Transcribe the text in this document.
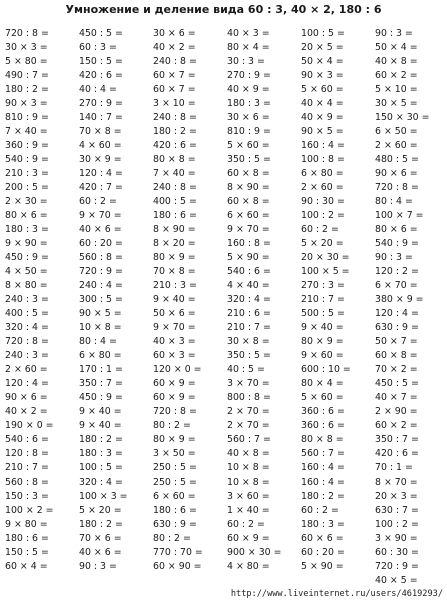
Умножение и деление вида 60 : 3, 40 × 2, 180 : 6
720 : 8 =
30 × 3 =
5 × 80 =
490 : 7 =
180 : 2 =
90 × 3 =
810 : 9 =
7 × 40 =
360 : 9 =
540 : 9 =
210 : 3 =
200 : 5 =
2 × 30 =
80 × 6 =
180 : 3 =
9 × 90 =
450 : 9 =
4 × 50 =
8 × 80 =
240 : 3 =
400 : 5 =
320 : 4 =
720 : 8 =
240 : 3 =
2 × 60 =
120 : 4 =
90 × 6 =
40 × 2 =
190 × 0 =
540 : 6 =
120 : 8 =
210 : 7 =
560 : 8 =
150 : 3 =
100 × 2 =
9 × 80 =
180 : 6 =
150 : 5 =
60 × 4 =
450 : 5 =
60 : 3 =
150 : 5 =
420 : 6 =
40 : 4 =
270 : 9 =
140 : 7 =
70 × 8 =
4 × 60 =
30 × 9 =
120 : 4 =
420 : 7 =
60 : 2 =
9 × 70 =
40 × 6 =
60 : 20 =
560 : 8 =
720 : 9 =
240 : 4 =
300 : 5 =
90 × 5 =
10 × 8 =
80 : 4 =
6 × 80 =
170 : 1 =
350 : 7 =
450 : 9 =
9 × 40 =
9 × 40 =
180 : 2 =
180 : 3 =
100 : 5 =
320 : 4 =
100 × 3 =
5 × 20 =
180 : 2 =
70 × 6 =
40 × 6 =
90 : 3 =
30 × 6 =
40 × 2 =
240 : 8 =
60 × 7 =
60 × 7 =
3 × 10 =
240 : 8 =
180 : 2 =
420 : 6 =
80 × 8 =
7 × 40 =
240 : 8 =
400 : 5 =
180 : 6 =
8 × 90 =
8 × 20 =
80 × 9 =
70 × 8 =
210 : 3 =
9 × 40 =
50 × 6 =
9 × 70 =
40 × 3 =
60 × 3 =
120 × 0 =
60 × 9 =
60 × 9 =
720 : 8 =
80 : 2 =
80 × 9 =
3 × 50 =
250 : 5 =
250 : 5 =
6 × 60 =
180 : 6 =
630 : 9 =
80 : 2 =
770 : 70 =
60 × 90 =
40 × 3 =
80 × 4 =
30 : 3 =
270 : 9 =
40 × 9 =
180 : 3 =
30 × 6 =
810 : 9 =
5 × 60 =
350 : 5 =
60 × 8 =
8 × 90 =
60 × 8 =
6 × 60 =
9 × 70 =
160 : 8 =
5 × 90 =
540 : 6 =
4 × 40 =
320 : 4 =
210 : 6 =
210 : 7 =
30 × 8 =
350 : 5 =
40 : 5 =
3 × 70 =
800 : 8 =
2 × 70 =
2 × 70 =
560 : 7 =
40 × 8 =
10 × 8 =
10 × 8 =
3 × 60 =
1 × 40 =
60 : 2 =
60 × 9 =
900 × 30 =
4 × 80 =
100 : 5 =
20 × 5 =
50 × 4 =
90 × 3 =
5 × 60 =
40 × 4 =
40 × 9 =
90 × 5 =
160 : 4 =
100 : 8 =
6 × 80 =
2 × 60 =
90 : 30 =
100 : 2 =
60 : 2 =
5 × 20 =
20 × 30 =
100 × 5 =
270 : 3 =
210 : 7 =
500 : 5 =
9 × 40 =
80 × 9 =
9 × 60 =
600 : 10 =
80 × 4 =
5 × 60 =
360 : 6 =
360 : 6 =
80 × 8 =
560 : 7 =
160 : 4 =
160 : 4 =
180 : 2 =
60 : 2 =
180 : 3 =
60 × 6 =
60 : 20 =
5 × 90 =
90 : 3 =
50 × 4 =
40 × 8 =
60 × 2 =
5 × 10 =
30 × 5 =
150 × 30 =
6 × 50 =
2 × 60 =
480 : 5 =
90 × 6 =
720 : 8 =
80 : 4 =
100 × 7 =
80 × 6 =
540 : 9 =
90 : 3 =
120 : 2 =
6 × 70 =
380 × 9 =
120 : 4 =
630 : 9 =
50 × 7 =
60 × 8 =
70 × 2 =
450 : 5 =
40 × 7 =
2 × 90 =
60 × 2 =
350 : 7 =
420 : 6 =
70 : 1 =
8 × 70 =
20 × 3 =
630 : 7 =
100 : 2 =
3 × 90 =
60 : 30 =
720 : 9 =
40 × 5 =
http://www.liveinternet.ru/users/4619293/
